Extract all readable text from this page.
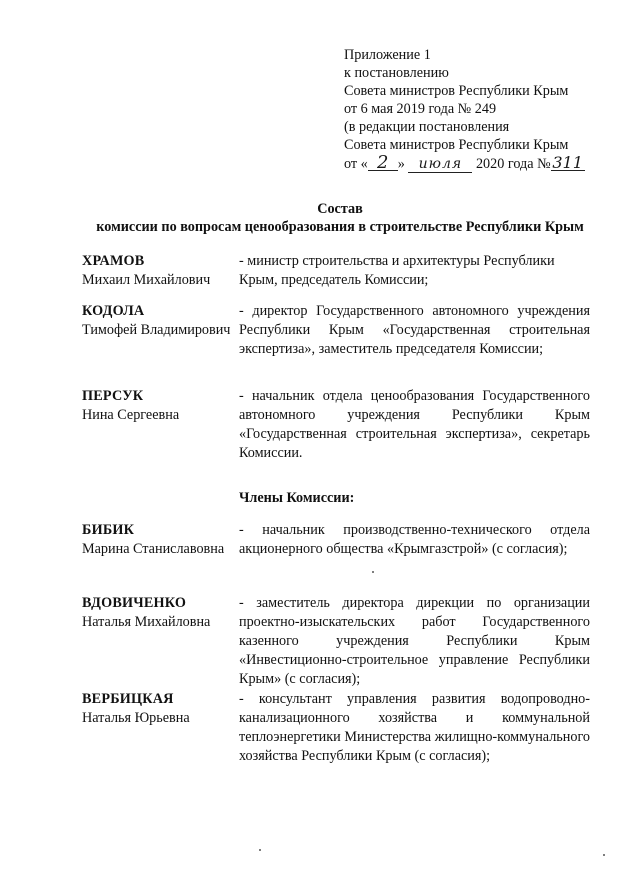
Приложение 1
к постановлению
Совета министров Республики Крым
от 6 мая 2019 года № 249
(в редакции постановления
Совета министров Республики Крым
от « 2 » июля 2020 года № 311
Состав
комиссии по вопросам ценообразования в строительстве Республики Крым
ХРАМОВ
Михаил Михайлович
- министр строительства и архитектуры Республики Крым, председатель Комиссии;
КОДОЛА
Тимофей Владимирович
- директор Государственного автономного учреждения Республики Крым «Государственная строительная экспертиза», заместитель председателя Комиссии;
ПЕРСУК
Нина Сергеевна
- начальник отдела ценообразования Государственного автономного учреждения Республики Крым «Государственная строительная экспертиза», секретарь Комиссии.
Члены Комиссии:
БИБИК
Марина Станиславовна
- начальник производственно-технического отдела акционерного общества «Крымгазстрой» (с согласия);
ВДОВИЧЕНКО
Наталья Михайловна
- заместитель директора дирекции по организации проектно-изыскательских работ Государственного казенного учреждения Республики Крым «Инвестиционно-строительное управление Республики Крым» (с согласия);
ВЕРБИЦКАЯ
Наталья Юрьевна
- консультант управления развития водопроводно-канализационного хозяйства и коммунальной теплоэнергетики Министерства жилищно-коммунального хозяйства Республики Крым (с согласия);
